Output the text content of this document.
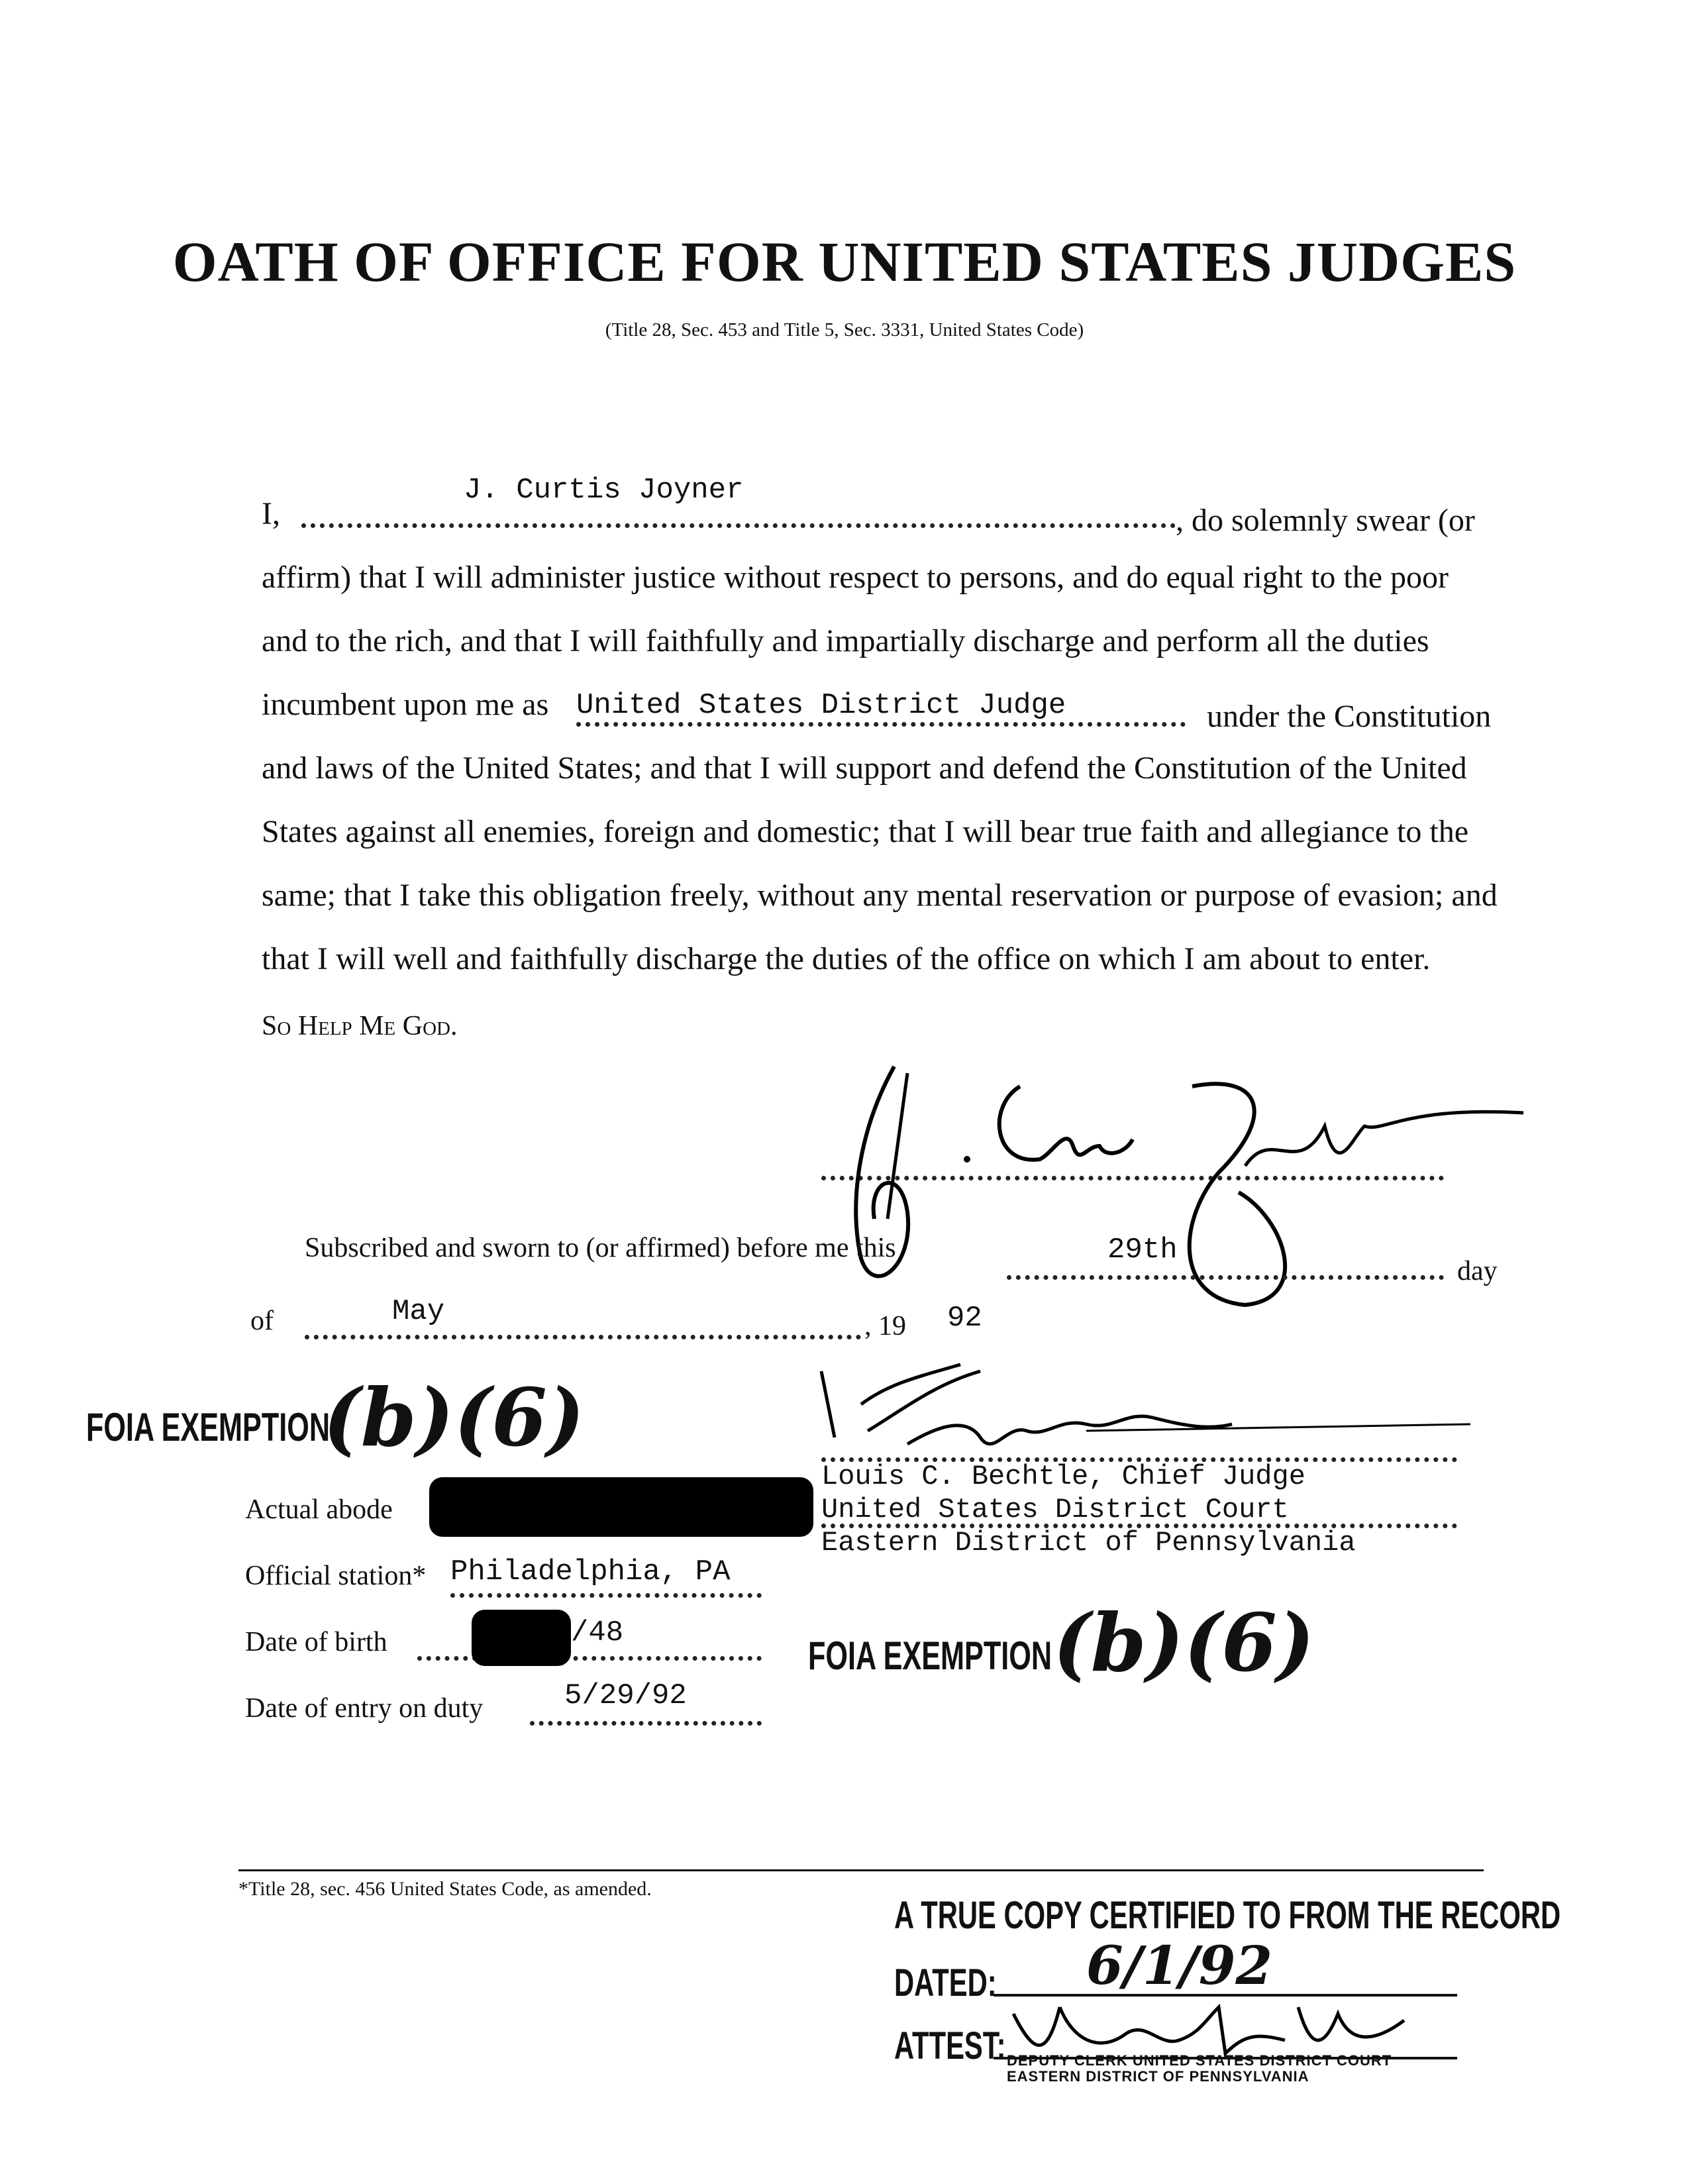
OATH OF OFFICE FOR UNITED STATES JUDGES
(Title 28, Sec. 453 and Title 5, Sec. 3331, United States Code)
J. Curtis Joyner
I,	, do solemnly swear (or
affirm) that I will administer justice without respect to persons, and do equal right to the poor
and to the rich, and that I will faithfully and impartially discharge and perform all the duties
incumbent upon me as United States District Judge	under the Constitution
and laws of the United States; and that I will support and defend the Constitution of the United
States against all enemies, foreign and domestic; that I will bear true faith and allegiance to the
same; that I take this obligation freely, without any mental reservation or purpose of evasion; and
that I will well and faithfully discharge the duties of the office on which I am about to enter.
So Help Me God.
Subscribed and sworn to (or affirmed) before me this	29th
day
of	May	, 19 92
FOIA EXEMPTION
(b)(6)
Louis C. Bechtle, Chief Judge
United States District Court
Eastern District of Pennsylvania
Actual abode
Official station* Philadelphia, PA
Date of birth	/48
Date of entry on duty	5/29/92
FOIA EXEMPTION (b)(6)
*Title 28, sec. 456 United States Code, as amended.
A TRUE COPY CERTIFIED TO FROM THE RECORD
DATED: 6/1/92
ATTEST: DEPUTY CLERK UNITED STATES DISTRICT COURT
EASTERN DISTRICT OF PENNSYLVANIA
